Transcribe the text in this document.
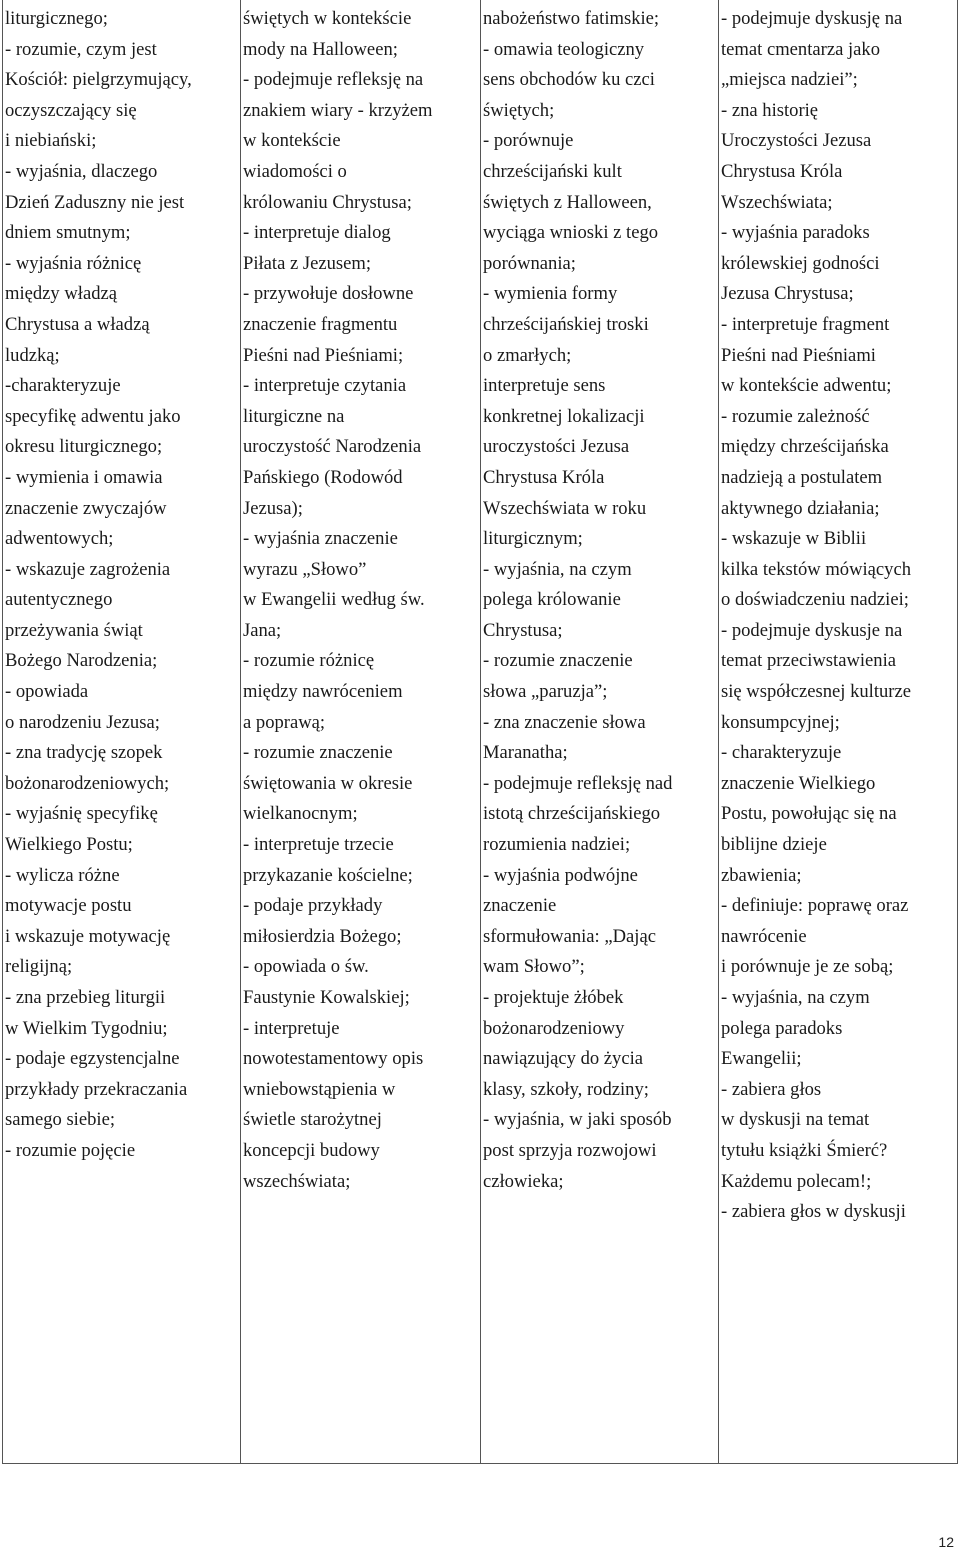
liturgicznego;

- rozumie, czym jest

Kościół: pielgrzymujący,

oczyszczający się

i niebiański;

- wyjaśnia, dlaczego

Dzień Zaduszny nie jest

dniem smutnym;

- wyjaśnia różnicę

między władzą

Chrystusa a władzą

ludzką;

-charakteryzuje

specyfikę adwentu jako

okresu liturgicznego;

- wymienia i omawia

znaczenie zwyczajów

adwentowych;

- wskazuje zagrożenia

autentycznego

przeżywania świąt

Bożego Narodzenia;

- opowiada

o narodzeniu Jezusa;

- zna tradycję szopek

bożonarodzeniowych;

- wyjaśnię specyfikę

Wielkiego Postu;

- wylicza różne

motywacje postu

i wskazuje motywację

religijną;

- zna przebieg liturgii

w Wielkim Tygodniu;

- podaje egzystencjalne

przykłady przekraczania

samego siebie;

- rozumie pojęcie

świętych w kontekście

mody na Halloween;

- podejmuje refleksję na

znakiem wiary - krzyżem

w kontekście

wiadomości o

królowaniu Chrystusa;

- interpretuje dialog

Piłata z Jezusem;

- przywołuje dosłowne

znaczenie fragmentu

Pieśni nad Pieśniami;

- interpretuje czytania

liturgiczne na

uroczystość Narodzenia

Pańskiego (Rodowód

Jezusa);

- wyjaśnia znaczenie

wyrazu „Słowo”

w Ewangelii według św.

Jana;

- rozumie różnicę

między nawróceniem

a poprawą;

- rozumie znaczenie

świętowania w okresie

wielkanocnym;

- interpretuje trzecie

przykazanie kościelne;

- podaje przykłady

miłosierdzia Bożego;

- opowiada o św.

Faustynie Kowalskiej;

- interpretuje

nowotestamentowy opis

wniebowstąpienia w

świetle starożytnej

koncepcji budowy

wszechświata;

nabożeństwo fatimskie;

- omawia teologiczny

sens obchodów ku czci

świętych;

- porównuje

chrześcijański kult

świętych z Halloween,

wyciąga wnioski z tego

porównania;

- wymienia formy

chrześcijańskiej troski

o zmarłych;

interpretuje sens

konkretnej lokalizacji

uroczystości Jezusa

Chrystusa Króla

Wszechświata w roku

liturgicznym;

- wyjaśnia, na czym

polega królowanie

Chrystusa;

- rozumie znaczenie

słowa „paruzja”;

- zna znaczenie słowa

Maranatha;

- podejmuje refleksję nad

istotą chrześcijańskiego

rozumienia nadziei;

- wyjaśnia podwójne

znaczenie

sformułowania: „Dając

wam Słowo”;

- projektuje żłóbek

bożonarodzeniowy

nawiązujący do życia

klasy, szkoły, rodziny;

- wyjaśnia, w jaki sposób

post sprzyja rozwojowi

człowieka;

- podejmuje dyskusję na

temat cmentarza jako

„miejsca nadziei”;

- zna historię

Uroczystości Jezusa

Chrystusa Króla

Wszechświata;

- wyjaśnia paradoks

królewskiej godności

Jezusa Chrystusa;

- interpretuje fragment

Pieśni nad Pieśniami

w kontekście adwentu;

- rozumie zależność

między chrześcijańska

nadzieją a postulatem

aktywnego działania;

- wskazuje w Biblii

kilka tekstów mówiących

o doświadczeniu nadziei;

- podejmuje dyskusje na

temat przeciwstawienia

się współczesnej kulturze

konsumpcyjnej;

- charakteryzuje

znaczenie Wielkiego

Postu, powołując się na

biblijne dzieje

zbawienia;

- definiuje: poprawę oraz

nawrócenie

i porównuje je ze sobą;

- wyjaśnia, na czym

polega paradoks

Ewangelii;

- zabiera głos

w dyskusji na temat

tytułu książki Śmierć?

Każdemu polecam!;

- zabiera głos w dyskusji

12
